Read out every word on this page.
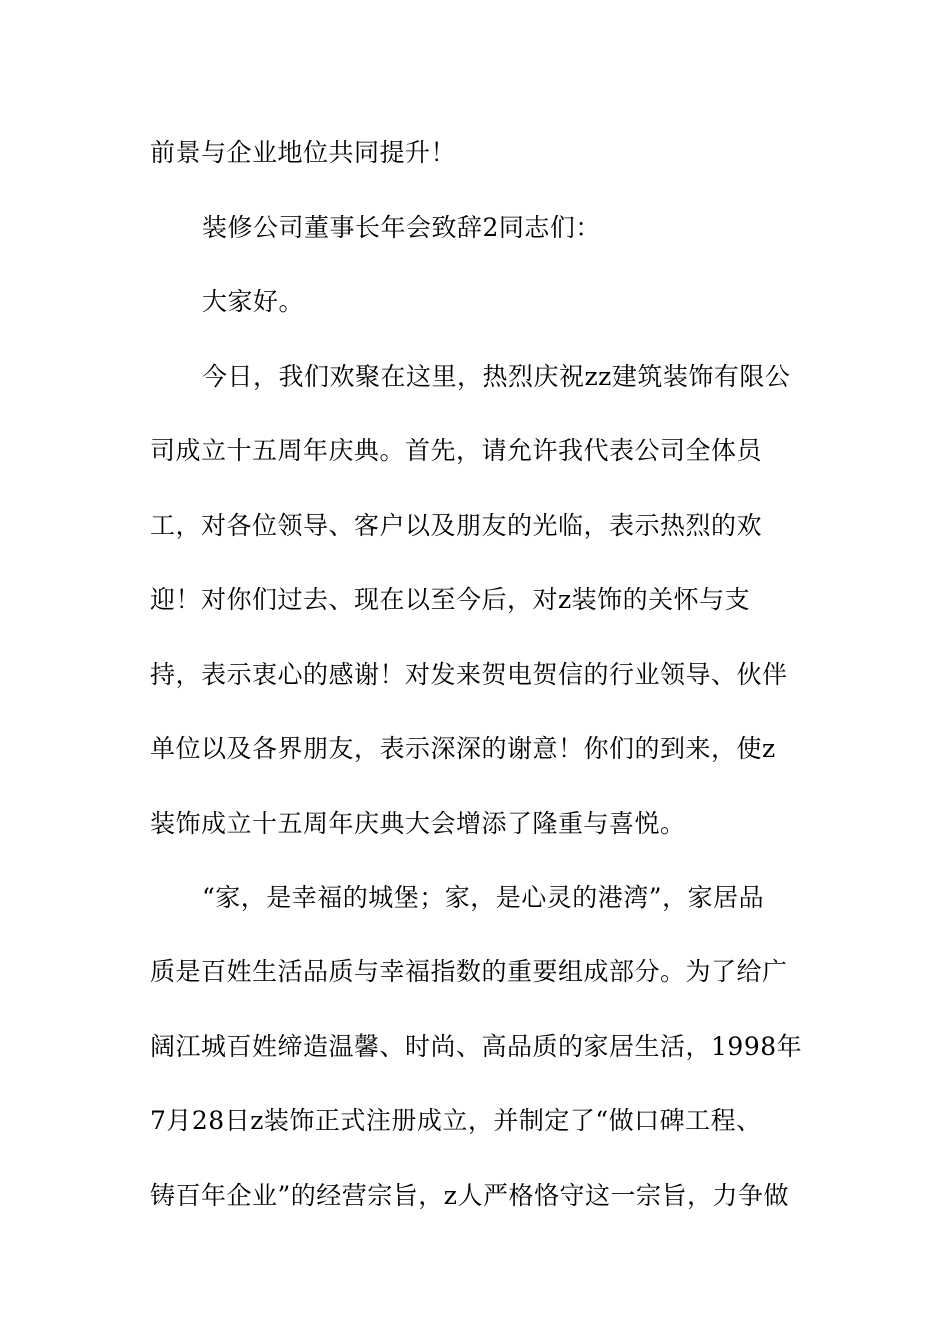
前景与企业地位共同提升！
装修公司董事长年会致辞2同志们：
大家好。
今日，我们欢聚在这里，热烈庆祝zz建筑装饰有限公
司成立十五周年庆典。首先，请允许我代表公司全体员
工，对各位领导、客户以及朋友的光临，表示热烈的欢
迎！对你们过去、现在以至今后，对z装饰的关怀与支
持，表示衷心的感谢！对发来贺电贺信的行业领导、伙伴
单位以及各界朋友，表示深深的谢意！你们的到来，使z
装饰成立十五周年庆典大会增添了隆重与喜悦。
“家，是幸福的城堡；家，是心灵的港湾”，家居品
质是百姓生活品质与幸福指数的重要组成部分。为了给广
阔江城百姓缔造温馨、时尚、高品质的家居生活，1998年
7月28日z装饰正式注册成立，并制定了“做口碑工程、
铸百年企业”的经营宗旨，z人严格恪守这一宗旨，力争做
